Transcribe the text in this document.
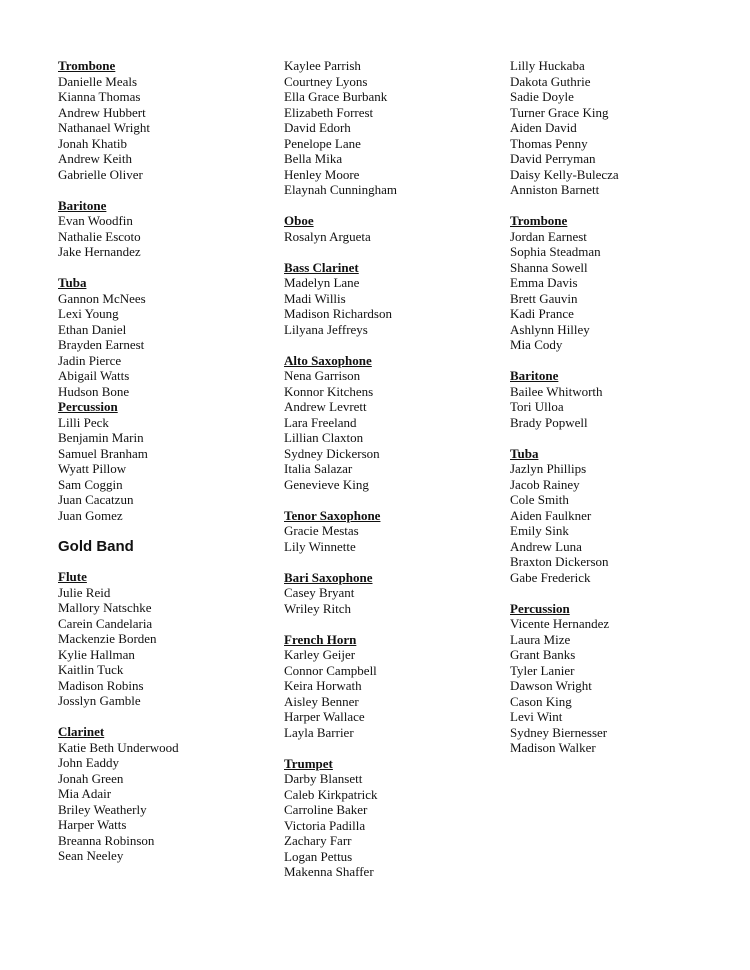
Trombone
Danielle Meals
Kianna Thomas
Andrew Hubbert
Nathanael Wright
Jonah Khatib
Andrew Keith
Gabrielle Oliver
Baritone
Evan Woodfin
Nathalie Escoto
Jake Hernandez
Tuba
Gannon McNees
Lexi Young
Ethan Daniel
Brayden Earnest
Jadin Pierce
Abigail Watts
Hudson Bone
Percussion
Lilli Peck
Benjamin Marin
Samuel Branham
Wyatt Pillow
Sam Coggin
Juan Cacatzun
Juan Gomez
Gold Band
Flute
Julie Reid
Mallory Natschke
Carein Candelaria
Mackenzie Borden
Kylie Hallman
Kaitlin Tuck
Madison Robins
Josslyn Gamble
Clarinet
Katie Beth Underwood
John Eaddy
Jonah Green
Mia Adair
Briley Weatherly
Harper Watts
Breanna Robinson
Sean Neeley
Kaylee Parrish
Courtney Lyons
Ella Grace Burbank
Elizabeth Forrest
David Edorh
Penelope Lane
Bella Mika
Henley Moore
Elaynah Cunningham
Oboe
Rosalyn Argueta
Bass Clarinet
Madelyn Lane
Madi Willis
Madison Richardson
Lilyana Jeffreys
Alto Saxophone
Nena Garrison
Konnor Kitchens
Andrew Levrett
Lara Freeland
Lillian Claxton
Sydney Dickerson
Italia Salazar
Genevieve King
Tenor Saxophone
Gracie Mestas
Lily Winnette
Bari Saxophone
Casey Bryant
Wriley Ritch
French Horn
Karley Geijer
Connor Campbell
Keira Horwath
Aisley Benner
Harper Wallace
Layla Barrier
Trumpet
Darby Blansett
Caleb Kirkpatrick
Carroline Baker
Victoria Padilla
Zachary Farr
Logan Pettus
Makenna Shaffer
Lilly Huckaba
Dakota Guthrie
Sadie Doyle
Turner Grace King
Aiden David
Thomas Penny
David Perryman
Daisy Kelly-Bulecza
Anniston Barnett
Trombone
Jordan Earnest
Sophia Steadman
Shanna Sowell
Emma Davis
Brett Gauvin
Kadi Prance
Ashlynn Hilley
Mia Cody
Baritone
Bailee Whitworth
Tori Ulloa
Brady Popwell
Tuba
Jazlyn Phillips
Jacob Rainey
Cole Smith
Aiden Faulkner
Emily Sink
Andrew Luna
Braxton Dickerson
Gabe Frederick
Percussion
Vicente Hernandez
Laura Mize
Grant Banks
Tyler Lanier
Dawson Wright
Cason King
Levi Wint
Sydney Biernesser
Madison Walker
